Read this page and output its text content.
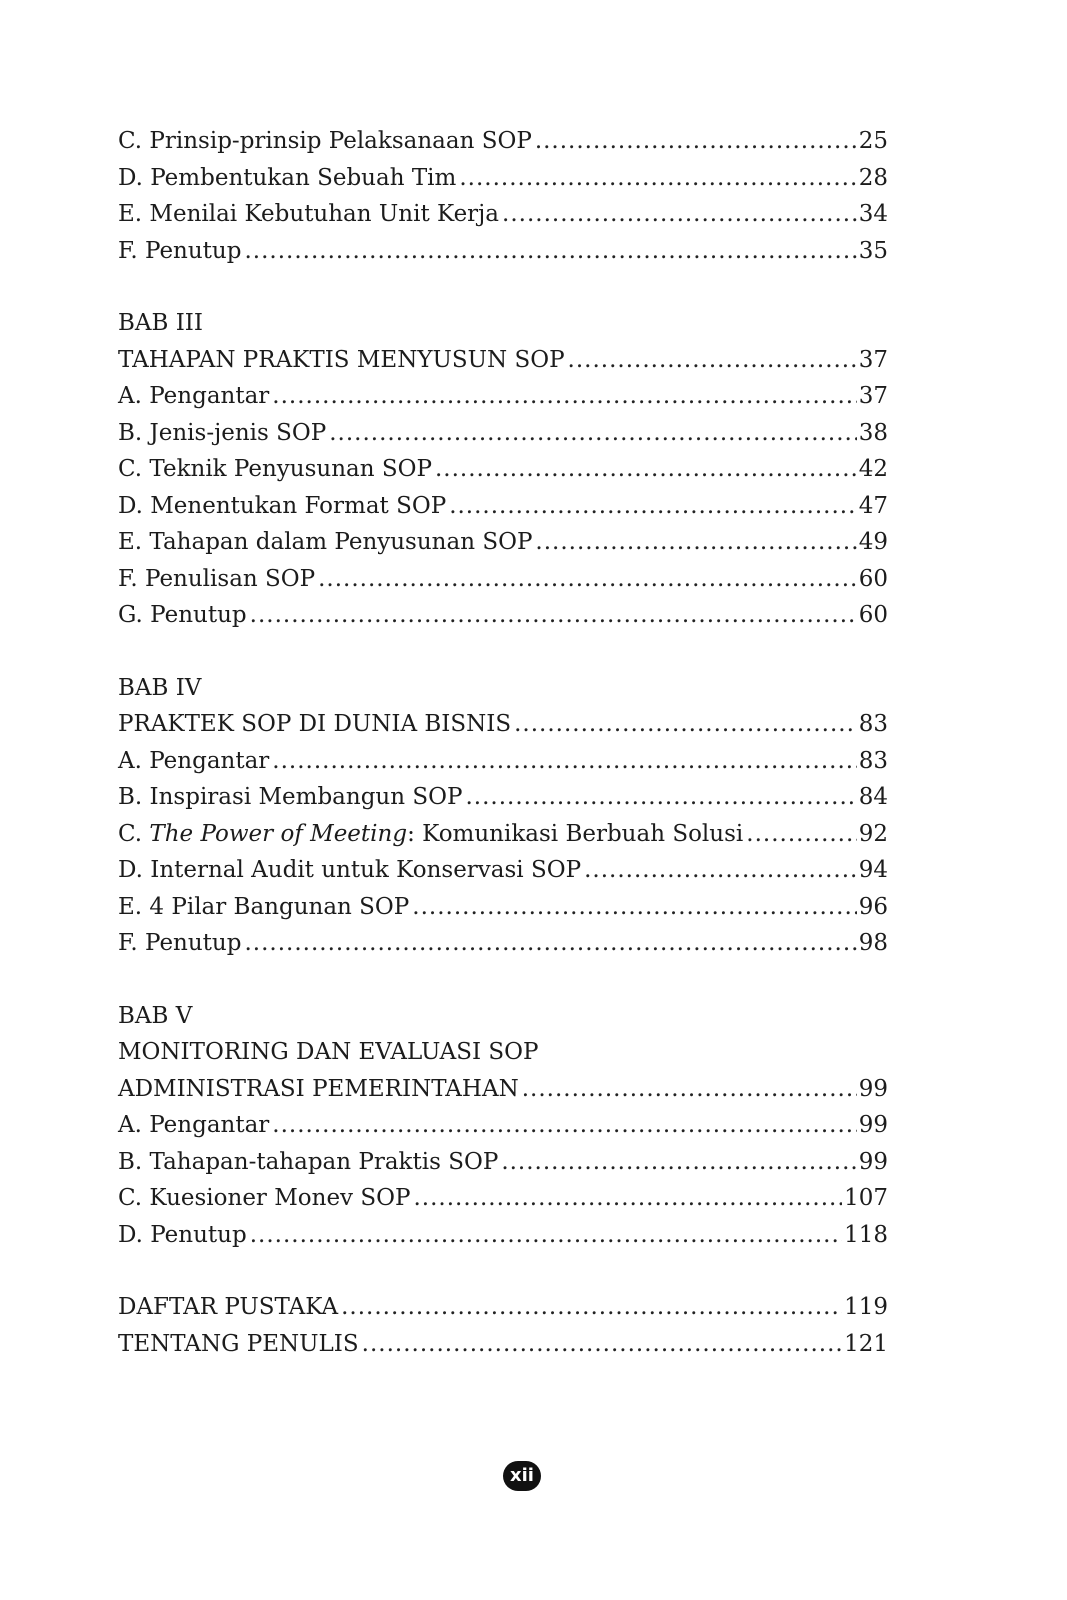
C. Prinsip-prinsip Pelaksanaan SOP .....	25
D. Pembentukan Sebuah Tim .....	28
E. Menilai Kebutuhan Unit Kerja .....	34
F. Penutup .....	35
BAB III
TAHAPAN PRAKTIS MENYUSUN SOP .....	37
A. Pengantar .....	37
B. Jenis-jenis SOP .....	38
C. Teknik Penyusunan SOP .....	42
D. Menentukan Format SOP .....	47
E. Tahapan dalam Penyusunan SOP .....	49
F. Penulisan SOP .....	60
G. Penutup .....	60
BAB IV
PRAKTEK SOP DI DUNIA BISNIS .....	83
A. Pengantar .....	83
B. Inspirasi Membangun SOP .....	84
C. The Power of Meeting: Komunikasi Berbuah Solusi .....	92
D. Internal Audit untuk Konservasi SOP .....	94
E. 4 Pilar Bangunan SOP .....	96
F. Penutup .....	98
BAB V
MONITORING DAN EVALUASI SOP
ADMINISTRASI PEMERINTAHAN .....	99
A. Pengantar .....	99
B. Tahapan-tahapan Praktis SOP .....	99
C. Kuesioner Monev SOP .....	107
D. Penutup .....	118
DAFTAR PUSTAKA .....	119
TENTANG PENULIS .....	121
xii
